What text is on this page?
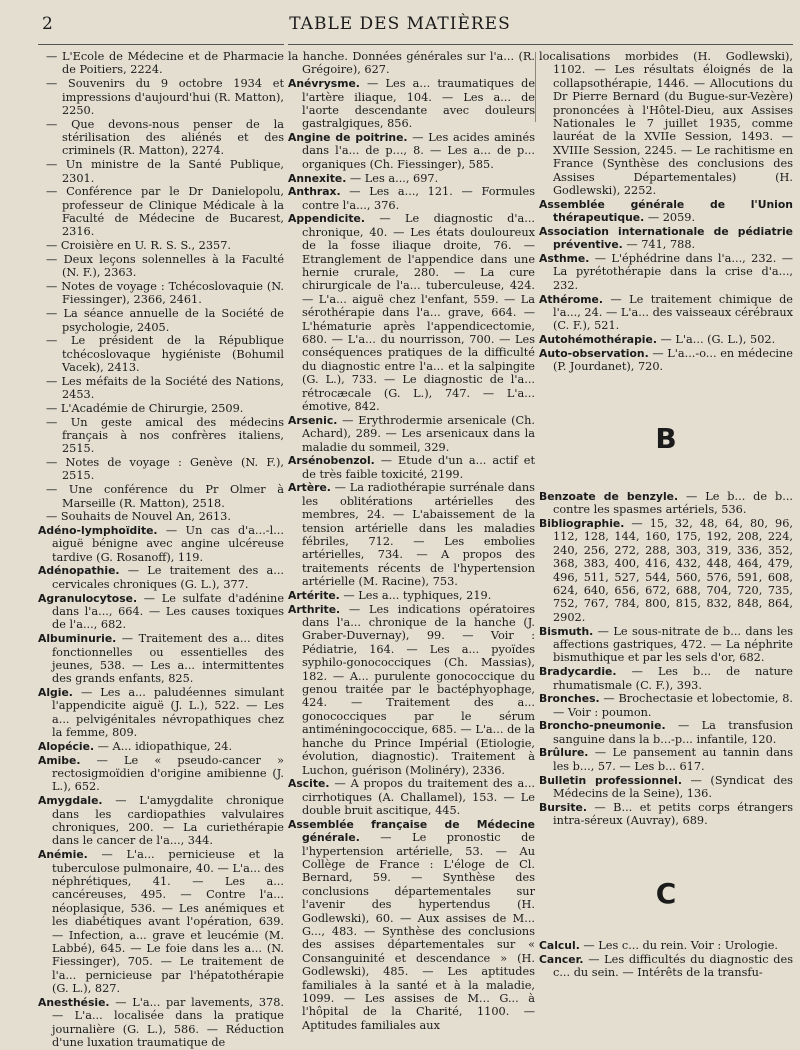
2	TABLE DES MATIÈRES

— L'Ecole de Médecine et de Pharmacie de Poitiers, 2224.

— Souvenirs du 9 octobre 1934 et impressions d'aujourd'hui (R. Matton), 2250.

— Que devons-nous penser de la stérilisation des aliénés et des criminels (R. Matton), 2274.

— Un ministre de la Santé Publique, 2301.

— Conférence par le Dr Danielopolu, professeur de Clinique Médicale à la Faculté de Médecine de Bucarest, 2316.

— Croisière en U. R. S. S., 2357.

— Deux leçons solennelles à la Faculté (N. F.), 2363.

— Notes de voyage : Tchécoslovaquie (N. Fiessinger), 2366, 2461.

— La séance annuelle de la Société de psychologie, 2405.

— Le président de la République tchécoslovaque hygiéniste (Bohumil Vacek), 2413.

— Les méfaits de la Société des Nations, 2453.

— L'Académie de Chirurgie, 2509.

— Un geste amical des médecins français à nos confrères italiens, 2515.

— Notes de voyage : Genève (N. F.), 2515.

— Une conférence du Pr Olmer à Marseille (R. Matton), 2518.

— Souhaits de Nouvel An, 2613.

Adéno-lymphoïdite. — Un cas d'a...-l... aiguë bénigne avec angine ulcéreuse tardive (G. Rosanoff), 119.

Adénopathie. — Le traitement des a... cervicales chroniques (G. L.), 377.

Agranulocytose. — Le sulfate d'adénine dans l'a..., 664. — Les causes toxiques de l'a..., 682.

Albuminurie. — Traitement des a... dites fonctionnelles ou essentielles des jeunes, 538. — Les a... intermittentes des grands enfants, 825.

Algie. — Les a... paludéennes simulant l'appendicite aiguë (J. L.), 522. — Les a... pelvigénitales névropathiques chez la femme, 809.

Alopécie. — A... idiopathique, 24.

Amibe. — Le « pseudo-cancer » rectosigmoïdien d'origine amibienne (J. L.), 652.

Amygdale. — L'amygdalite chronique dans les cardiopathies valvulaires chroniques, 200. — La curiethérapie dans le cancer de l'a..., 344.

Anémie. — L'a... pernicieuse et la tuberculose pulmonaire, 40. — L'a... des néphrétiques, 41. — Les a... cancéreuses, 495. — Contre l'a... néoplasique, 536. — Les anémiques et les diabétiques avant l'opération, 639. — Infection, a... grave et leucémie (M. Labbé), 645. — Le foie dans les a... (N. Fiessinger), 705. — Le traitement de l'a... pernicieuse par l'hépatothérapie (G. L.), 827.

Anesthésie. — L'a... par lavements, 378. — L'a... localisée dans la pratique journalière (G. L.), 586. — Réduction d'une luxation traumatique de

la hanche. Données générales sur l'a... (R. Grégoire), 627.

Anévrysme. — Les a... traumatiques de l'artère iliaque, 104. — Les a... de l'aorte descendante avec douleurs gastralgiques, 856.

Angine de poitrine. — Les acides aminés dans l'a... de p..., 8. — Les a... de p... organiques (Ch. Fiessinger), 585.

Annexite. — Les a..., 697.

Anthrax. — Les a..., 121. — Formules contre l'a..., 376.

Appendicite. — Le diagnostic d'a... chronique, 40. — Les états douloureux de la fosse iliaque droite, 76. — Etranglement de l'appendice dans une hernie crurale, 280. — La cure chirurgicale de l'a... tuberculeuse, 424. — L'a... aiguë chez l'enfant, 559. — La sérothérapie dans l'a... grave, 664. — L'hématurie après l'appendicectomie, 680. — L'a... du nourrisson, 700. — Les conséquences pratiques de la difficulté du diagnostic entre l'a... et la salpingite (G. L.), 733. — Le diagnostic de l'a... rétrocæcale (G. L.), 747. — L'a... émotive, 842.

Arsenic. — Erythrodermie arsenicale (Ch. Achard), 289. — Les arsenicaux dans la maladie du sommeil, 329.

Arsénobenzol. — Etude d'un a... actif et de très faible toxicité, 2199.

Artère. — La radiothérapie surrénale dans les oblitérations artérielles des membres, 24. — L'abaissement de la tension artérielle dans les maladies fébriles, 712. — Les embolies artérielles, 734. — A propos des traitements récents de l'hypertension artérielle (M. Racine), 753.

Artérite. — Les a... typhiques, 219.

Arthrite. — Les indications opératoires dans l'a... chronique de la hanche (J. Graber-Duvernay), 99. — Voir : Pédiatrie, 164. — Les a... pyoïdes syphilo-gonococciques (Ch. Massias), 182. — A... purulente gonococcique du genou traitée par le bactéphyophage, 424. — Traitement des a... gonococciques par le sérum antiméningococcique, 685. — L'a... de la hanche du Prince Impérial (Etiologie, évolution, diagnostic). Traitement à Luchon, guérison (Molinéry), 2336.

Ascite. — A propos du traitement des a... cirrhotiques (A. Challamel), 153. — Le double bruit ascitique, 445.

Assemblée française de Médecine générale. — Le pronostic de l'hypertension artérielle, 53. — Au Collège de France : L'éloge de Cl. Bernard, 59. — Synthèse des conclusions départementales sur l'avenir des hypertendus (H. Godlewski), 60. — Aux assises de M... G..., 483. — Synthèse des conclusions des assises départementales sur « Consanguinité et descendance » (H. Godlewski), 485. — Les aptitudes familiales à la santé et à la maladie, 1099. — Les assises de M... G... à l'hôpital de la Charité, 1100. — Aptitudes familiales aux

localisations morbides (H. Godlewski), 1102. — Les résultats éloignés de la collapsothérapie, 1446. — Allocutions du Dr Pierre Bernard (du Bugue-sur-Vezère) prononcées à l'Hôtel-Dieu, aux Assises Nationales le 7 juillet 1935, comme lauréat de la XVIIe Session, 1493. — XVIIIe Session, 2245. — Le rachitisme en France (Synthèse des conclusions des Assises Départementales) (H. Godlewski), 2252.

Assemblée générale de l'Union thérapeutique. — 2059.

Association internationale de pédiatrie préventive. — 741, 788.

Asthme. — L'éphédrine dans l'a..., 232. — La pyrétothérapie dans la crise d'a..., 232.

Athérome. — Le traitement chimique de l'a..., 24. — L'a... des vaisseaux cérébraux (C. F.), 521.

Autohémothérapie. — L'a... (G. L.), 502.

Auto-observation. — L'a...-o... en médecine (P. Jourdanet), 720.

B

Benzoate de benzyle. — Le b... de b... contre les spasmes artériels, 536.

Bibliographie. — 15, 32, 48, 64, 80, 96, 112, 128, 144, 160, 175, 192, 208, 224, 240, 256, 272, 288, 303, 319, 336, 352, 368, 383, 400, 416, 432, 448, 464, 479, 496, 511, 527, 544, 560, 576, 591, 608, 624, 640, 656, 672, 688, 704, 720, 735, 752, 767, 784, 800, 815, 832, 848, 864, 2902.

Bismuth. — Le sous-nitrate de b... dans les affections gastriques, 472. — La néphrite bismuthique et par les sels d'or, 682.

Bradycardie. — Les b... de nature rhumatismale (C. F.), 393.

Bronches. — Brochectasie et lobectomie, 8. — Voir : poumon.

Broncho-pneumonie. — La transfusion sanguine dans la b...-p... infantile, 120.

Brûlure. — Le pansement au tannin dans les b..., 57. — Les b... 617.

Bulletin professionnel. — (Syndicat des Médecins de la Seine), 136.

Bursite. — B... et petits corps étrangers intra-séreux (Auvray), 689.

C

Calcul. — Les c... du rein. Voir : Urologie.

Cancer. — Les difficultés du diagnostic des c... du sein. — Intérêts de la transfu-
